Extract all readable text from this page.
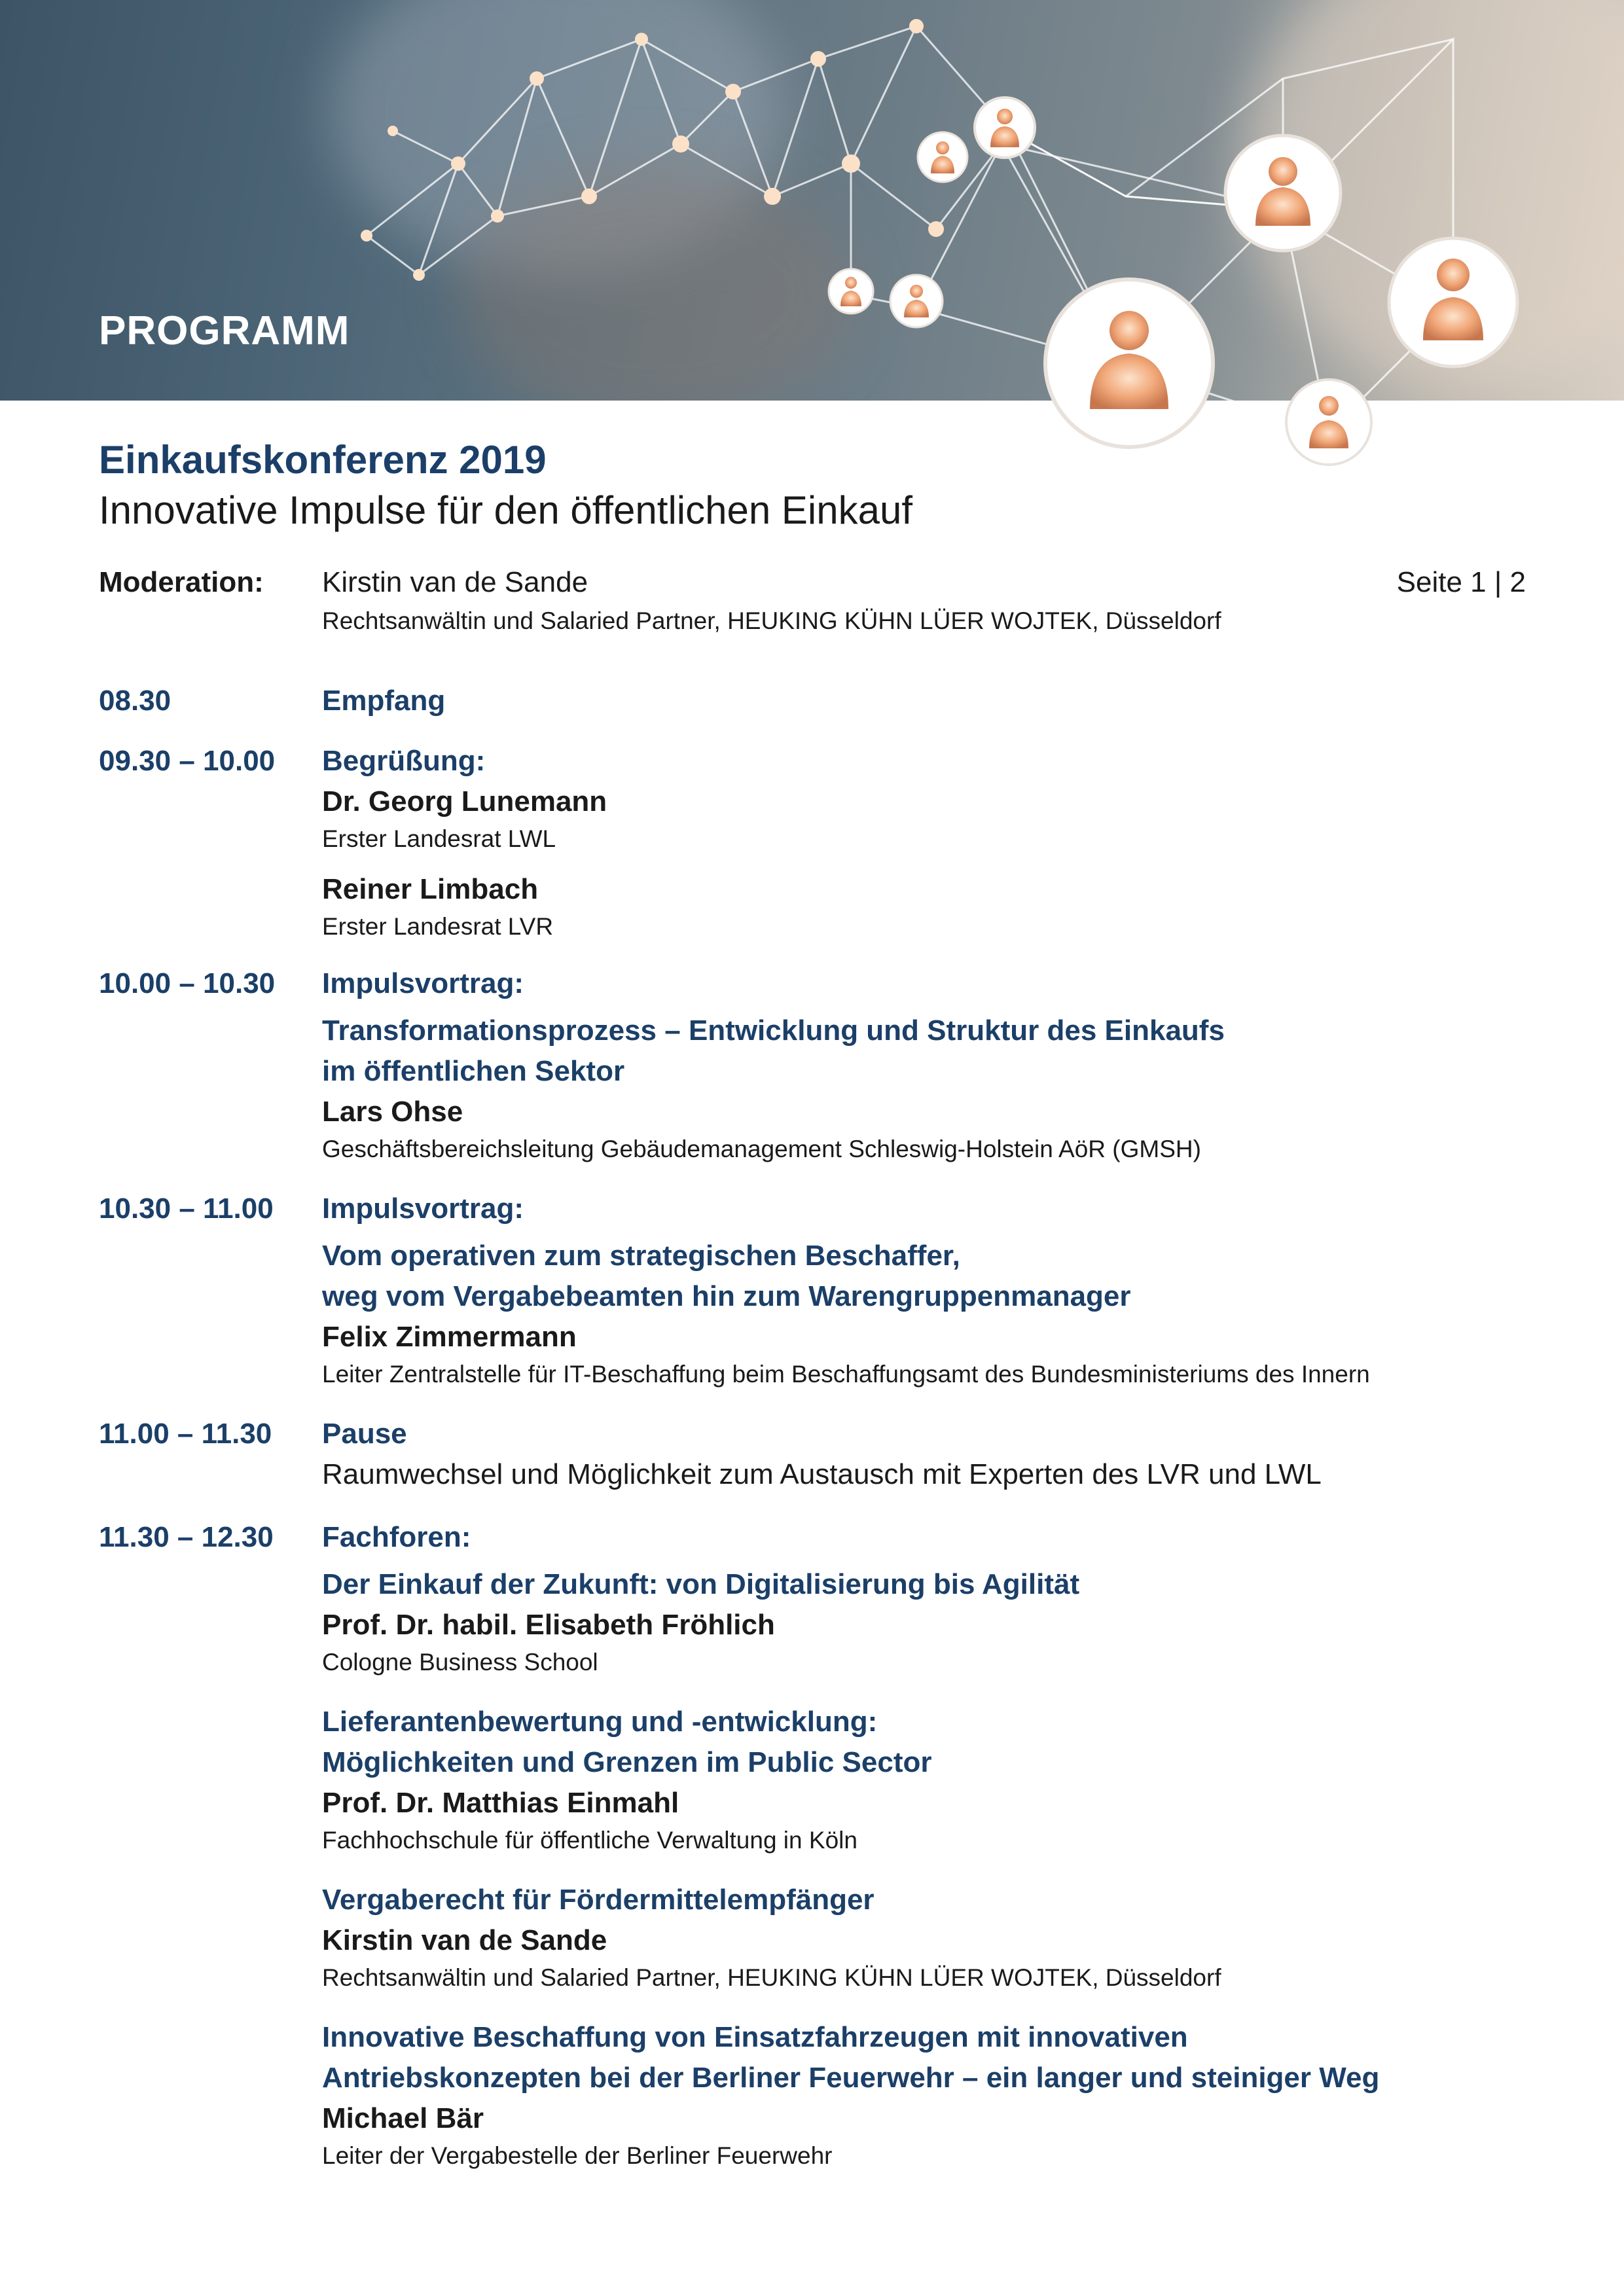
PROGRAMM
Einkaufskonferenz 2019
Innovative Impulse für den öffentlichen Einkauf
Moderation: Kirstin van de Sande
Rechtsanwältin und Salaried Partner, HEUKING KÜHN LÜER WOJTEK, Düsseldorf
Seite 1 | 2
08.30	Empfang

09.30 – 10.00 Begrüßung:

Dr. Georg Lunemann

Erster Landesrat LWL

Reiner Limbach

Erster Landesrat LVR

10.00 – 10.30 Impulsvortrag:

Transformationsprozess – Entwicklung und Struktur des Einkaufs

im öffentlichen Sektor

Lars Ohse

Geschäftsbereichsleitung Gebäudemanagement Schleswig-Holstein AöR (GMSH)

10.30 – 11.00 Impulsvortrag:

Vom operativen zum strategischen Beschaffer,

weg vom Vergabebeamten hin zum Warengruppenmanager

Felix Zimmermann

Leiter Zentralstelle für IT-Beschaffung beim Beschaffungsamt des Bundesministeriums des Innern

11.00 – 11.30 Pause

Raumwechsel und Möglichkeit zum Austausch mit Experten des LVR und LWL

11.30 – 12.30 Fachforen:

Der Einkauf der Zukunft: von Digitalisierung bis Agilität

Prof. Dr. habil. Elisabeth Fröhlich

Cologne Business School

Lieferantenbewertung und -entwicklung:

Möglichkeiten und Grenzen im Public Sector

Prof. Dr. Matthias Einmahl

Fachhochschule für öffentliche Verwaltung in Köln

Vergaberecht für Fördermittelempfänger

Kirstin van de Sande

Rechtsanwältin und Salaried Partner, HEUKING KÜHN LÜER WOJTEK, Düsseldorf

Innovative Beschaffung von Einsatzfahrzeugen mit innovativen

Antriebskonzepten bei der Berliner Feuerwehr – ein langer und steiniger Weg

Michael Bär

Leiter der Vergabestelle der Berliner Feuerwehr
